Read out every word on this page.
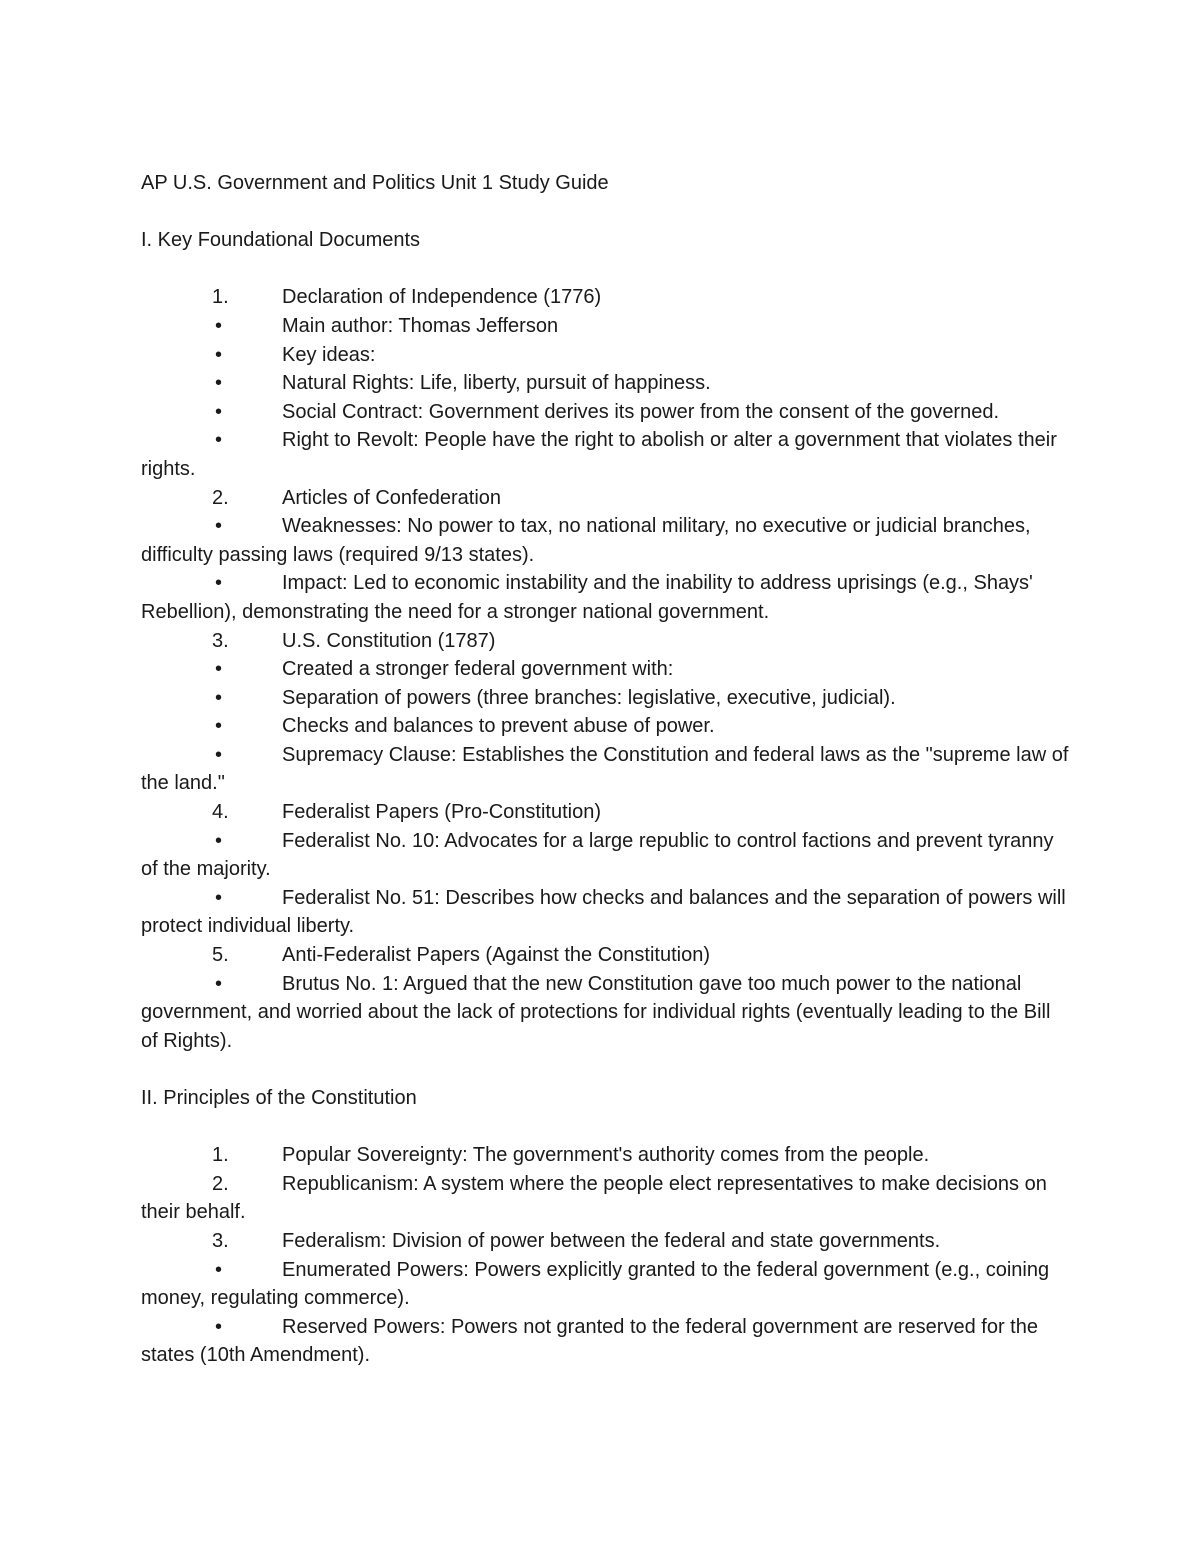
AP U.S. Government and Politics Unit 1 Study Guide

I. Key Foundational Documents

1.	Declaration of Independence (1776)

•	Main author: Thomas Jefferson

•	Key ideas:

•	Natural Rights: Life, liberty, pursuit of happiness.

•	Social Contract: Government derives its power from the consent of the governed.

•	Right to Revolt: People have the right to abolish or alter a government that violates their rights.

2.	Articles of Confederation

•	Weaknesses: No power to tax, no national military, no executive or judicial branches, difficulty passing laws (required 9/13 states).

•	Impact: Led to economic instability and the inability to address uprisings (e.g., Shays' Rebellion), demonstrating the need for a stronger national government.

3.	U.S. Constitution (1787)

•	Created a stronger federal government with:

•	Separation of powers (three branches: legislative, executive, judicial).

•	Checks and balances to prevent abuse of power.

•	Supremacy Clause: Establishes the Constitution and federal laws as the "supreme law of the land."

4.	Federalist Papers (Pro-Constitution)

•	Federalist No. 10: Advocates for a large republic to control factions and prevent tyranny of the majority.

•	Federalist No. 51: Describes how checks and balances and the separation of powers will protect individual liberty.

5.	Anti-Federalist Papers (Against the Constitution)

•	Brutus No. 1: Argued that the new Constitution gave too much power to the national government, and worried about the lack of protections for individual rights (eventually leading to the Bill of Rights).

II. Principles of the Constitution

1.	Popular Sovereignty: The government's authority comes from the people.

2.	Republicanism: A system where the people elect representatives to make decisions on their behalf.

3.	Federalism: Division of power between the federal and state governments.

•	Enumerated Powers: Powers explicitly granted to the federal government (e.g., coining money, regulating commerce).

•	Reserved Powers: Powers not granted to the federal government are reserved for the states (10th Amendment).
